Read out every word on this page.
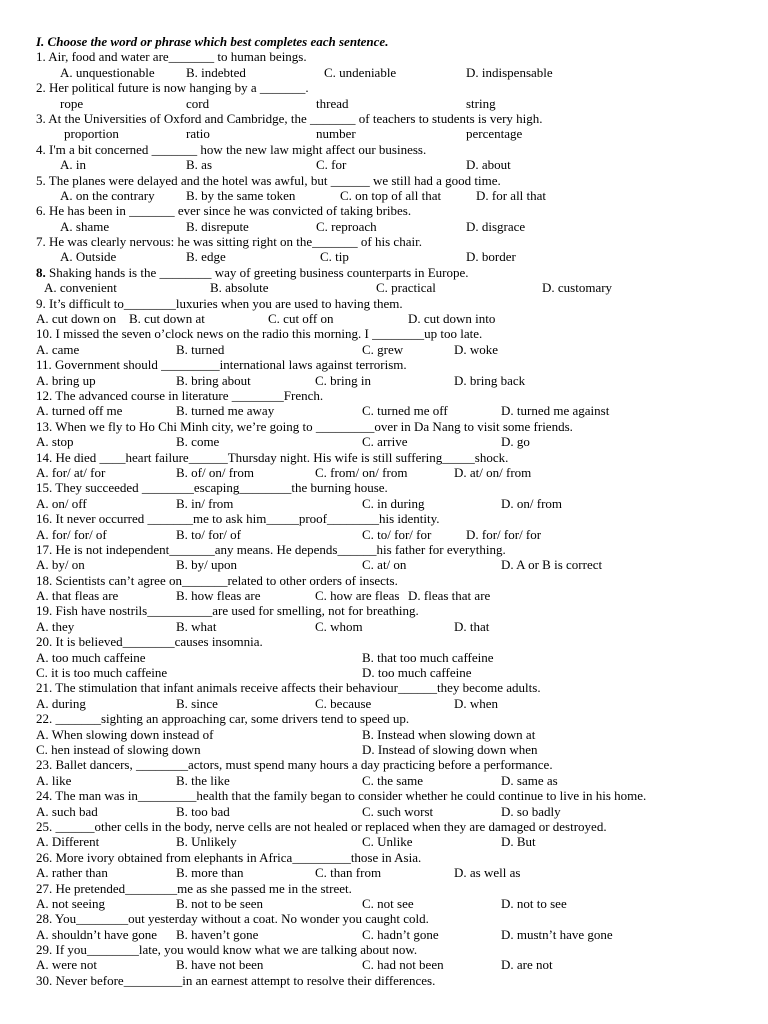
I. Choose the word or phrase which best completes each sentence.
1. Air, food and water are_______ to human beings.
A. unquestionable B. indebted	C. undeniable	D. indispensable
2. Her political future is now hanging by a _______.
rope	cord	thread	string
3. At the Universities of Oxford and Cambridge, the _______ of teachers to students is very high.
proportion	ratio	number	percentage
4. I'm a bit concerned _______ how the new law might affect our business.
A. in	B. as	C. for	D. about
5. The planes were delayed and the hotel was awful, but ______ we still had a good time.
A. on the contrary B. by the same token	C. on top of all that	D. for all that
6. He has been in _______ ever since he was convicted of taking bribes.
A. shame	B. disrepute	C. reproach	D. disgrace
7. He was clearly nervous: he was sitting right on the_______ of his chair.
A. Outside	B. edge	C. tip	D. border
8. Shaking hands is the ________ way of greeting business counterparts in Europe.
A. convenient	B. absolute	C. practical	D. customary
9. It’s difficult to________luxuries when you are used to having them.
A. cut down on B. cut down at	C. cut off on	D. cut down into
10. I missed the seven o’clock news on the radio this morning. I ________up too late.
A. came	B. turned	C. grew	D. woke
11. Government should _________international laws against terrorism.
A. bring up	B. bring about	C. bring in	D. bring back
12. The advanced course in literature ________French.
A. turned off me	B. turned me away	C. turned me off	D. turned me against
13. When we fly to Ho Chi Minh city, we’re going to _________over in Da Nang to visit some friends.
A. stop	B. come	C. arrive	D. go
14. He died ____heart failure______Thursday night. His wife is still suffering_____shock.
A. for/ at/ for	B. of/ on/ from	C. from/ on/ from	D. at/ on/ from
15. They succeeded ________escaping________the burning house.
A. on/ off	B. in/ from	C. in during	D. on/ from
16. It never occurred _______me to ask him_____proof________his identity.
A. for/ for/ of	B. to/ for/ of	C. to/ for/ for	D. for/ for/ for
17. He is not independent_______any means. He depends______his father for everything.
A. by/ on	B. by/ upon	C. at/ on	D. A or B is correct
18. Scientists can’t agree on_______related to other orders of insects.
A. that fleas are	B. how fleas are	C. how are fleas D. fleas that are
19. Fish have nostrils__________are used for smelling, not for breathing.
A. they	B. what	C. whom	D. that
20. It is believed________causes insomnia.
A. too much caffeine	B. that too much caffeine
C. it is too much caffeine	D. too much caffeine
21. The stimulation that infant animals receive affects their behaviour______they become adults.
A. during	B. since	C. because	D. when
22. _______sighting an approaching car, some drivers tend to speed up.
A. When slowing down instead of	B. Instead when slowing down at
C. hen instead of slowing down	D. Instead of slowing down when
23. Ballet dancers, ________actors, must spend many hours a day practicing before a performance.
A. like	B. the like	C. the same	D. same as
24. The man was in_________health that the family began to consider whether he could continue to live in his home.
A. such bad	B. too bad	C. such worst	D. so badly
25. ______other cells in the body, nerve cells are not healed or replaced when they are damaged or destroyed.
A. Different	B. Unlikely	C. Unlike	D. But
26. More ivory obtained from elephants in Africa_________those in Asia.
A. rather than	B. more than	C. than from	D. as well as
27. He pretended________me as she passed me in the street.
A. not seeing	B. not to be seen	C. not see	D. not to see
28. You________out yesterday without a coat. No wonder you caught cold.
A. shouldn’t have gone B. haven’t gone	C. hadn’t gone	D. mustn’t have gone
29. If you________late, you would know what we are talking about now.
A. were not	B. have not been	C. had not been	D. are not
30. Never before_________in an earnest attempt to resolve their differences.
